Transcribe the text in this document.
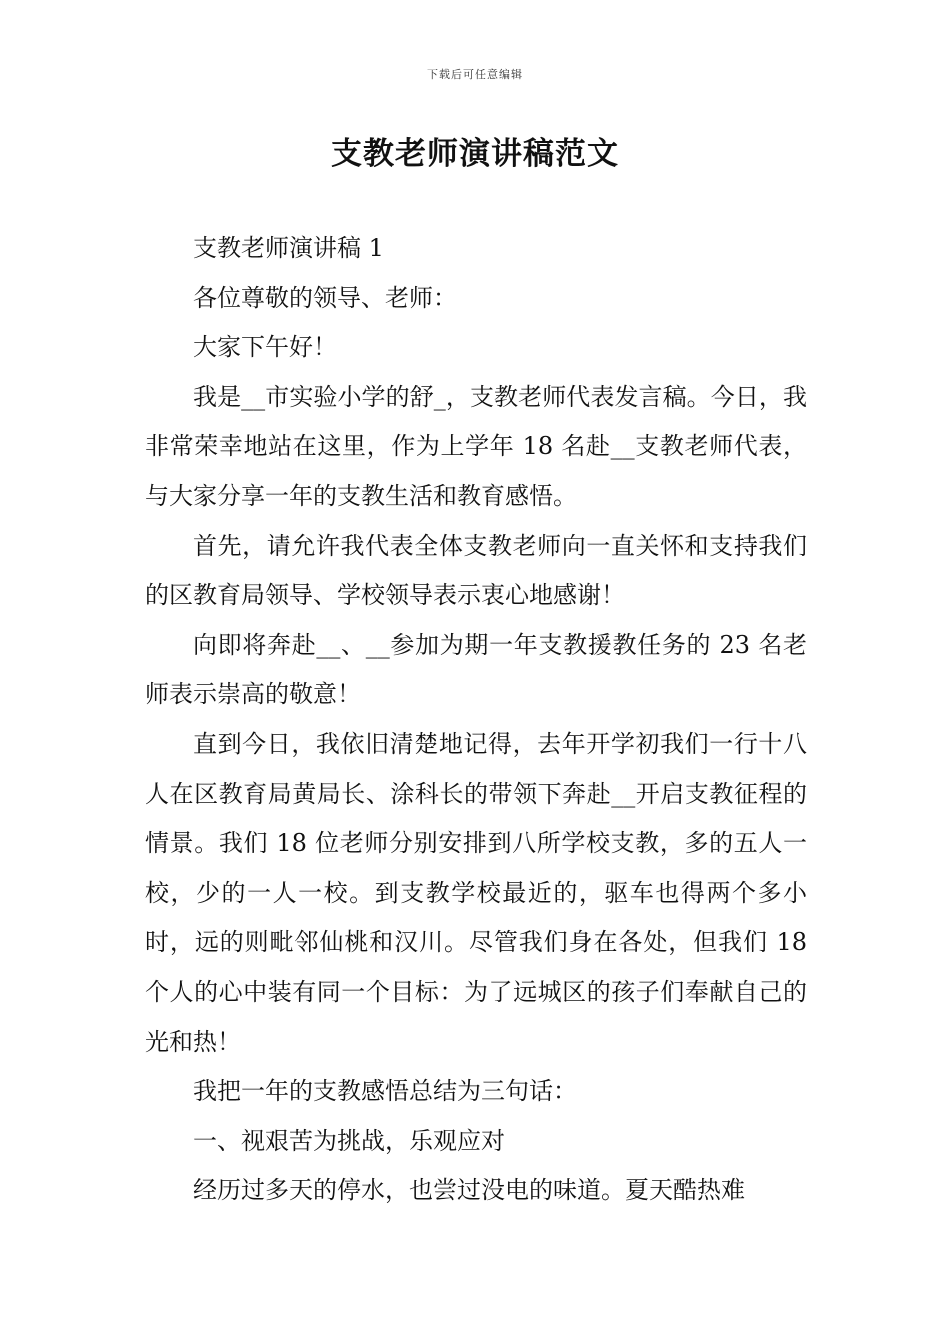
下载后可任意编辑
支教老师演讲稿范文

支教老师演讲稿 1

各位尊敬的领导、老师：

大家下午好！

我是__市实验小学的舒_，支教老师代表发言稿。今日，我非常荣幸地站在这里，作为上学年 18 名赴__支教老师代表，与大家分享一年的支教生活和教育感悟。

首先，请允许我代表全体支教老师向一直关怀和支持我们的区教育局领导、学校领导表示衷心地感谢！

向即将奔赴__、__参加为期一年支教援教任务的 23 名老师表示崇高的敬意！

直到今日，我依旧清楚地记得，去年开学初我们一行十八人在区教育局黄局长、涂科长的带领下奔赴__开启支教征程的情景。我们 18 位老师分别安排到八所学校支教，多的五人一校，少的一人一校。到支教学校最近的，驱车也得两个多小时，远的则毗邻仙桃和汉川。尽管我们身在各处，但我们 18 个人的心中装有同一个目标：为了远城区的孩子们奉献自己的光和热！

我把一年的支教感悟总结为三句话：

一、视艰苦为挑战，乐观应对

经历过多天的停水，也尝过没电的味道。夏天酷热难
